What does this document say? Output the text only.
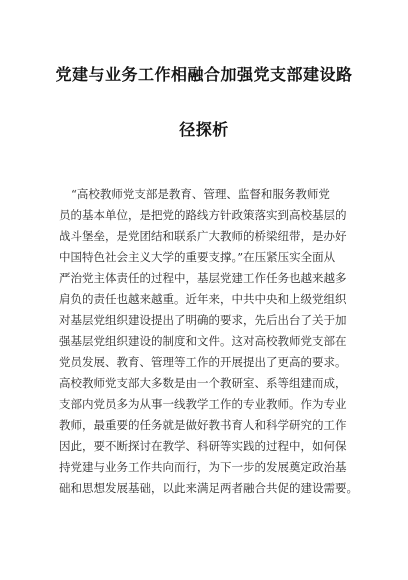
党建与业务工作相融合加强党支部建设路
径探析
“高校教师党支部是教育、管理、监督和服务教师党
员的基本单位，是把党的路线方针政策落实到高校基层的
战斗堡垒，是党团结和联系广大教师的桥梁纽带，是办好
中国特色社会主义大学的重要支撑。”在压紧压实全面从
严治党主体责任的过程中，基层党建工作任务也越来越多
肩负的责任也越来越重。近年来，中共中央和上级党组织
对基层党组织建设提出了明确的要求，先后出台了关于加
强基层党组织建设的制度和文件。这对高校教师党支部在
党员发展、教育、管理等工作的开展提出了更高的要求。
高校教师党支部大多数是由一个教研室、系等组建而成，
支部内党员多为从事一线教学工作的专业教师。作为专业
教师，最重要的任务就是做好教书育人和科学研究的工作
因此，要不断探讨在教学、科研等实践的过程中，如何保
持党建与业务工作共向而行，为下一步的发展奠定政治基
础和思想发展基础，以此来满足两者融合共促的建设需要。
